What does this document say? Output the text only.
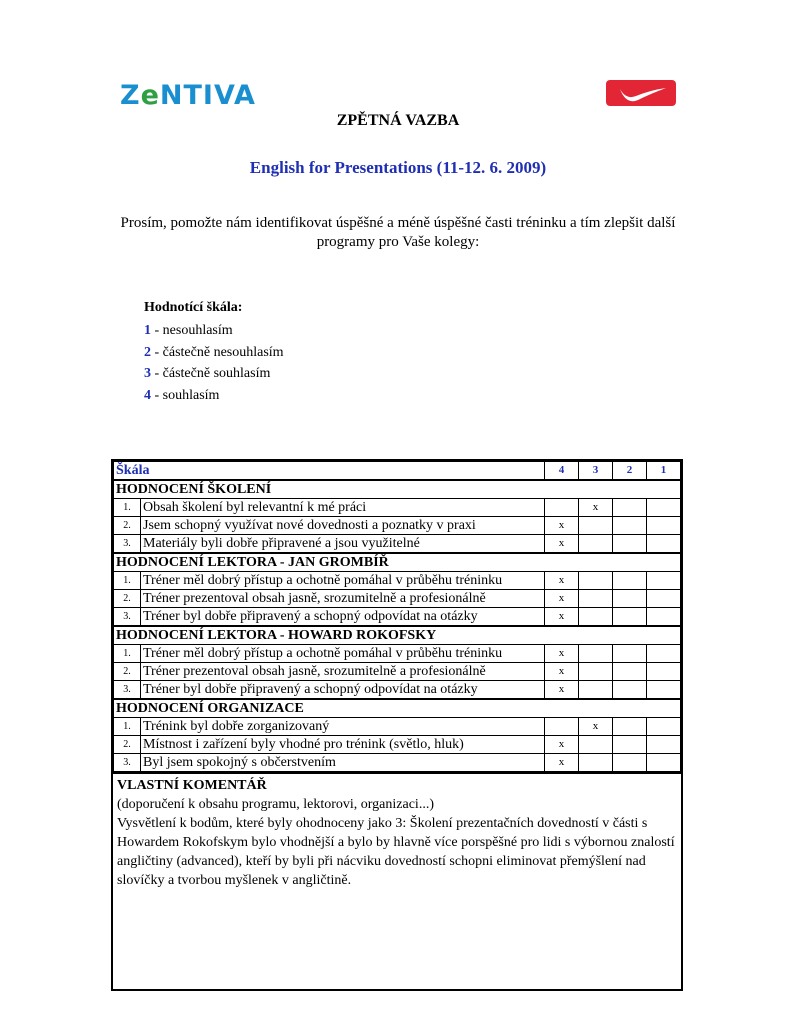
ZeNTIVA
ZPĚTNÁ VAZBA
English for Presentations (11-12. 6. 2009)
Prosím, pomožte nám identifikovat úspěšné a méně úspěšné časti tréninku a tím zlepšit další programy pro Vaše kolegy:
Hodnotící škála:
1 - nesouhlasím
2 - částečně nesouhlasím
3 - částečně souhlasím
4 - souhlasím
Škála		4	3	2	1
HODNOCENÍ ŠKOLENÍ					
1.	Obsah školení byl relevantní k mé práci		x		
2.	Jsem schopný využívat nové dovednosti a poznatky v praxi	x			
3.	Materiály byli dobře připravené a jsou využitelné	x			
HODNOCENÍ LEKTORA - JAN GROMBÍŘ					
1.	Tréner měl dobrý přístup a ochotně pomáhal v průběhu tréninku	x			
2.	Tréner prezentoval obsah jasně, srozumitelně a profesionálně	x			
3.	Tréner byl dobře připravený a schopný odpovídat na otázky	x			
HODNOCENÍ LEKTORA - HOWARD ROKOFSKY					
1.	Tréner měl dobrý přístup a ochotně pomáhal v průběhu tréninku	x			
2.	Tréner prezentoval obsah jasně, srozumitelně a profesionálně	x			
3.	Tréner byl dobře připravený a schopný odpovídat na otázky	x			
HODNOCENÍ ORGANIZACE					
1.	Trénink byl dobře zorganizovaný		x		
2.	Místnost i zařízení byly vhodné pro trénink (světlo, hluk)	x			
3.	Byl jsem spokojný s občerstvením	x			
VLASTNÍ KOMENTÁŘ
(doporučení k obsahu programu, lektorovi, organizaci...)
Vysvětlení k bodům, které byly ohodnoceny jako 3: Školení prezentačních dovedností v části s Howardem Rokofskym bylo vhodnější a bylo by hlavně více porspěšné pro lidi s výbornou znalostí angličtiny (advanced), kteří by byli při nácviku dovedností schopni eliminovat přemýšlení nad slovíčky a tvorbou myšlenek v angličtině.
